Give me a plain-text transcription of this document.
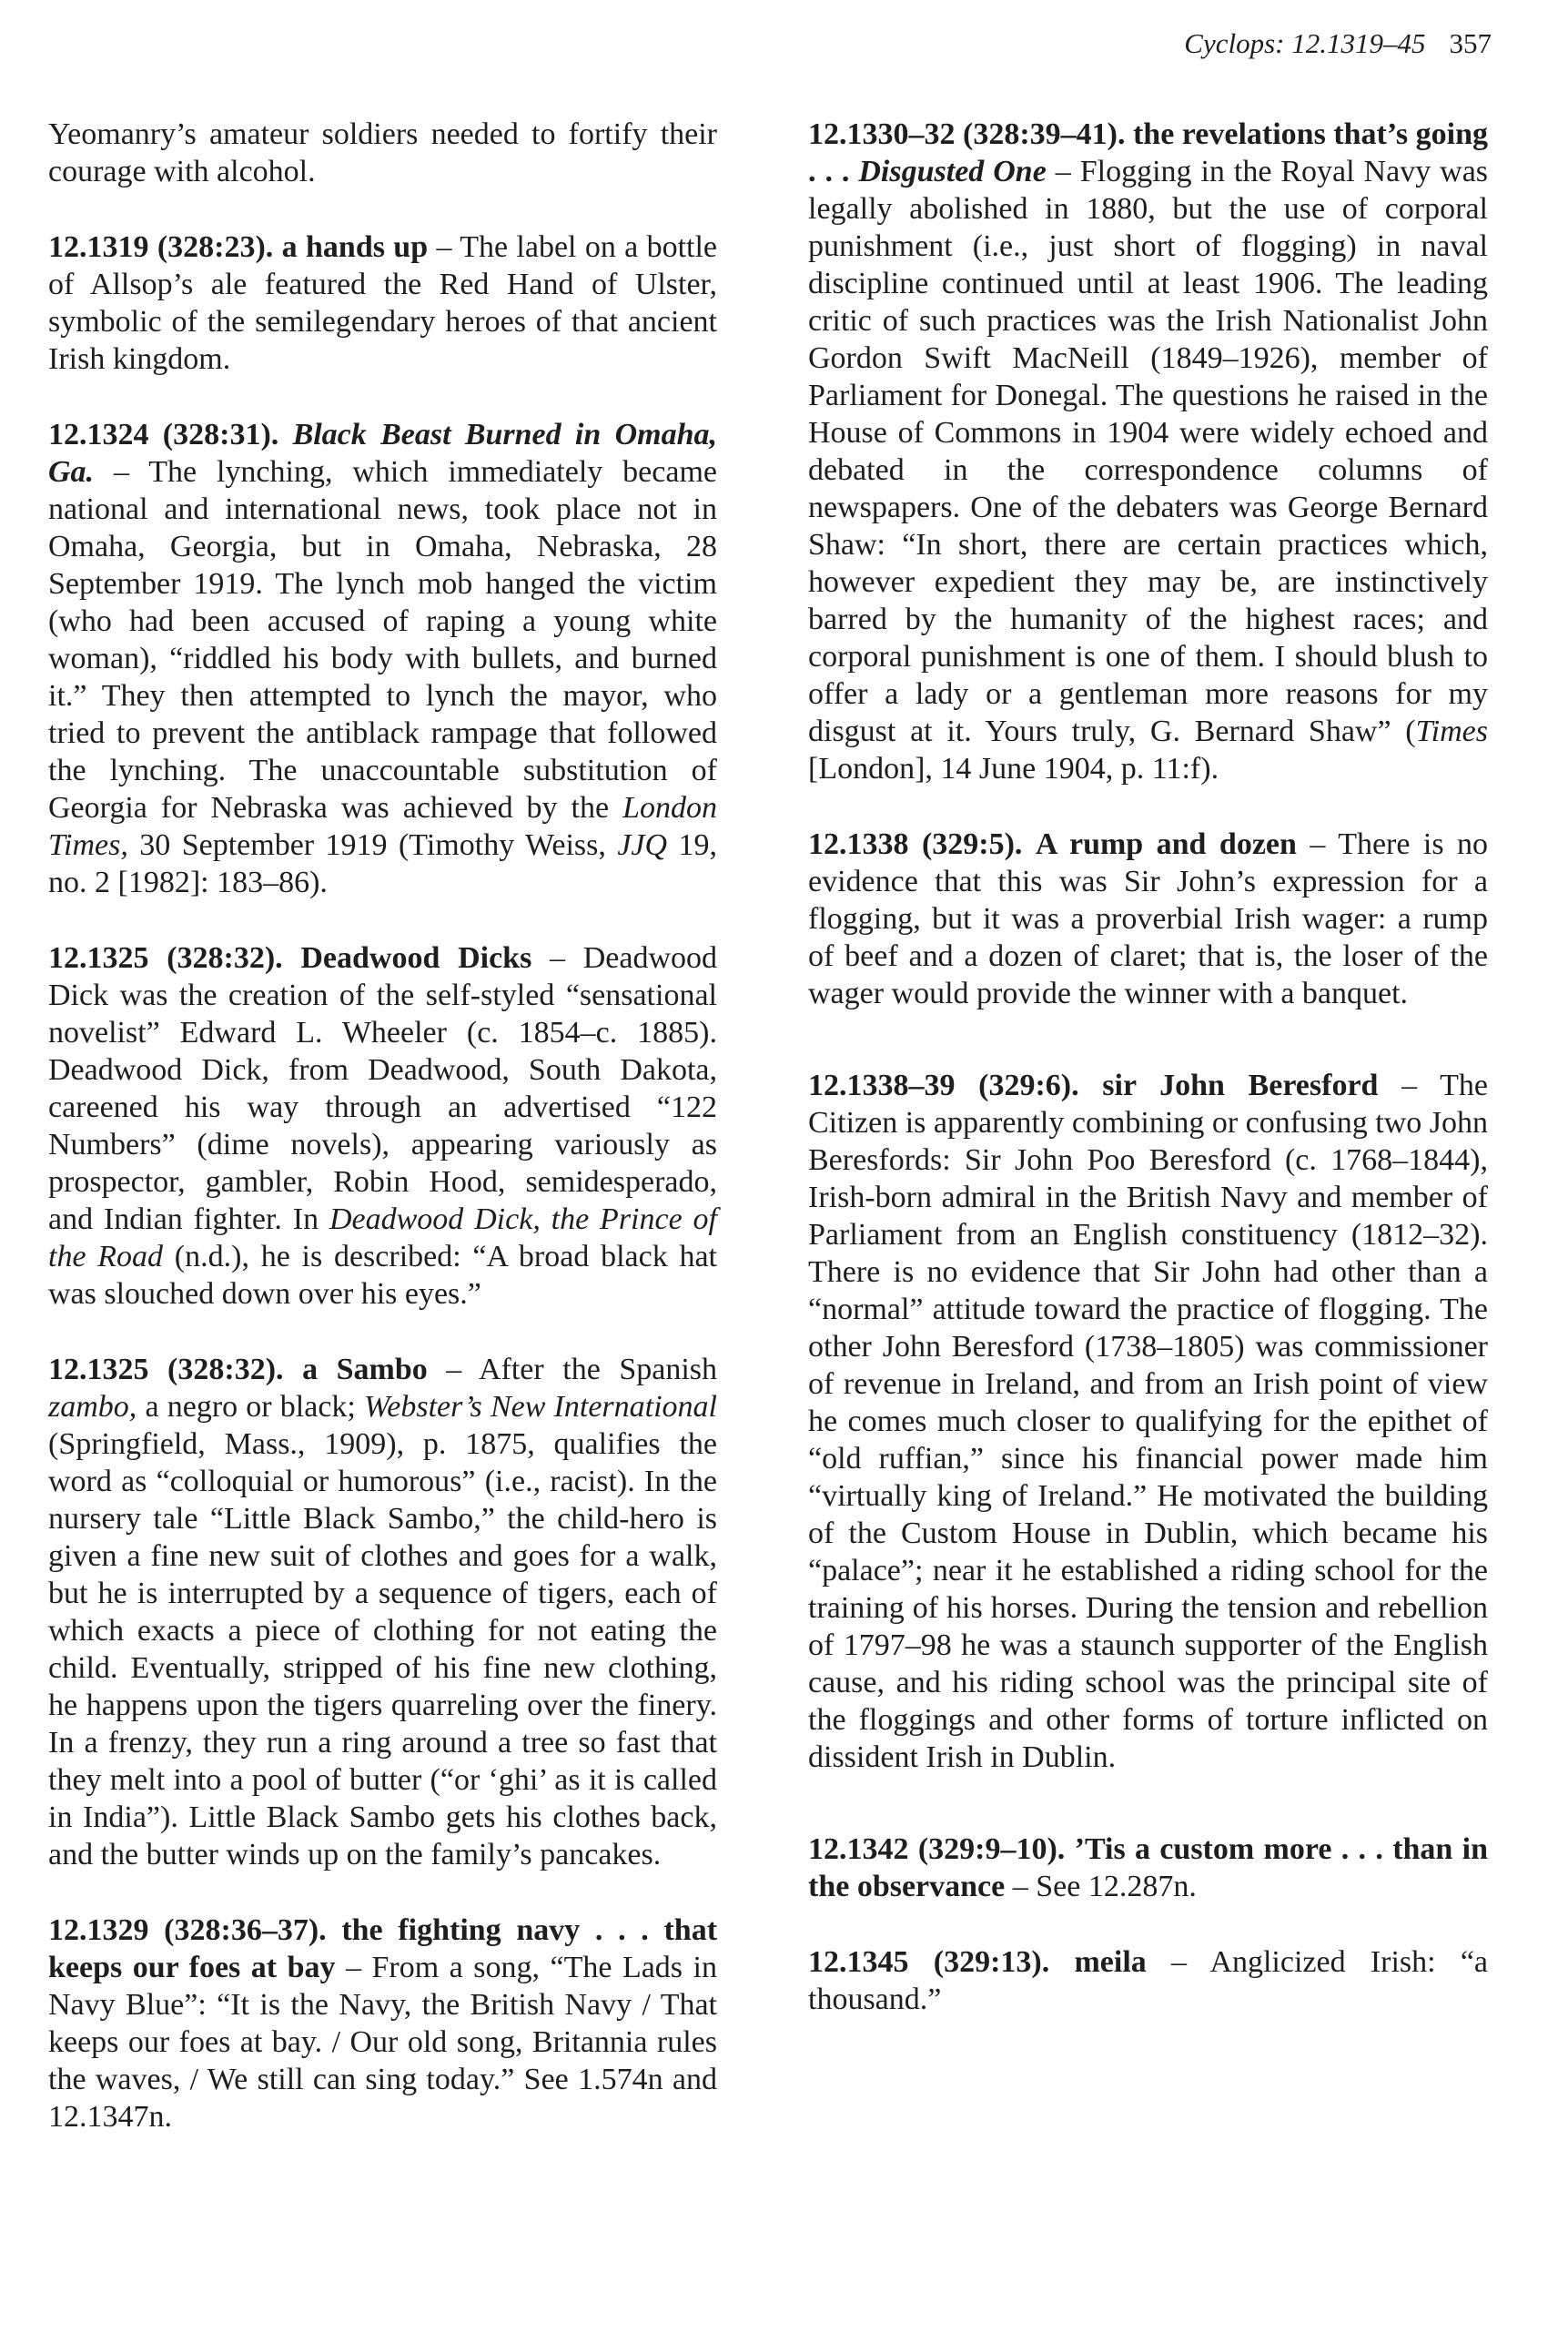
Cyclops: 12.1319–45 357

Yeomanry’s amateur soldiers needed to fortify their courage with alcohol.

12.1319 (328:23). a hands up – The label on a bottle of Allsop’s ale featured the Red Hand of Ulster, symbolic of the semilegendary heroes of that ancient Irish kingdom.

12.1324 (328:31). Black Beast Burned in Omaha, Ga. – The lynching, which immediately became national and international news, took place not in Omaha, Georgia, but in Omaha, Nebraska, 28 September 1919. The lynch mob hanged the victim (who had been accused of raping a young white woman), “riddled his body with bullets, and burned it.” They then attempted to lynch the mayor, who tried to prevent the antiblack rampage that followed the lynching. The unaccountable substitution of Georgia for Nebraska was achieved by the London Times, 30 September 1919 (Timothy Weiss, JJQ 19, no. 2 [1982]: 183–86).

12.1325 (328:32). Deadwood Dicks – Deadwood Dick was the creation of the self-styled “sensational novelist” Edward L. Wheeler (c. 1854–c. 1885). Deadwood Dick, from Deadwood, South Dakota, careened his way through an advertised “122 Numbers” (dime novels), appearing variously as prospector, gambler, Robin Hood, semidesperado, and Indian fighter. In Deadwood Dick, the Prince of the Road (n.d.), he is described: “A broad black hat was slouched down over his eyes.”

12.1325 (328:32). a Sambo – After the Spanish zambo, a negro or black; Webster’s New International (Springfield, Mass., 1909), p. 1875, qualifies the word as “colloquial or humorous” (i.e., racist). In the nursery tale “Little Black Sambo,” the child-hero is given a fine new suit of clothes and goes for a walk, but he is interrupted by a sequence of tigers, each of which exacts a piece of clothing for not eating the child. Eventually, stripped of his fine new clothing, he happens upon the tigers quarreling over the finery. In a frenzy, they run a ring around a tree so fast that they melt into a pool of butter (“or ‘ghi’ as it is called in India”). Little Black Sambo gets his clothes back, and the butter winds up on the family’s pancakes.

12.1329 (328:36–37). the fighting navy . . . that keeps our foes at bay – From a song, “The Lads in Navy Blue”: “It is the Navy, the British Navy / That keeps our foes at bay. / Our old song, Britannia rules the waves, / We still can sing today.” See 1.574n and 12.1347n.

12.1330–32 (328:39–41). the revelations that’s going . . . Disgusted One – Flogging in the Royal Navy was legally abolished in 1880, but the use of corporal punishment (i.e., just short of flogging) in naval discipline continued until at least 1906. The leading critic of such practices was the Irish Nationalist John Gordon Swift MacNeill (1849–1926), member of Parliament for Donegal. The questions he raised in the House of Commons in 1904 were widely echoed and debated in the correspondence columns of newspapers. One of the debaters was George Bernard Shaw: “In short, there are certain practices which, however expedient they may be, are instinctively barred by the humanity of the highest races; and corporal punishment is one of them. I should blush to offer a lady or a gentleman more reasons for my disgust at it. Yours truly, G. Bernard Shaw” (Times [London], 14 June 1904, p. 11:f).

12.1338 (329:5). A rump and dozen – There is no evidence that this was Sir John’s expression for a flogging, but it was a proverbial Irish wager: a rump of beef and a dozen of claret; that is, the loser of the wager would provide the winner with a banquet.

12.1338–39 (329:6). sir John Beresford – The Citizen is apparently combining or confusing two John Beresfords: Sir John Poo Beresford (c. 1768–1844), Irish-born admiral in the British Navy and member of Parliament from an English constituency (1812–32). There is no evidence that Sir John had other than a “normal” attitude toward the practice of flogging. The other John Beresford (1738–1805) was commissioner of revenue in Ireland, and from an Irish point of view he comes much closer to qualifying for the epithet of “old ruffian,” since his financial power made him “virtually king of Ireland.” He motivated the building of the Custom House in Dublin, which became his “palace”; near it he established a riding school for the training of his horses. During the tension and rebellion of 1797–98 he was a staunch supporter of the English cause, and his riding school was the principal site of the floggings and other forms of torture inflicted on dissident Irish in Dublin.

12.1342 (329:9–10). ’Tis a custom more . . . than in the observance – See 12.287n.

12.1345 (329:13). meila – Anglicized Irish: “a thousand.”
